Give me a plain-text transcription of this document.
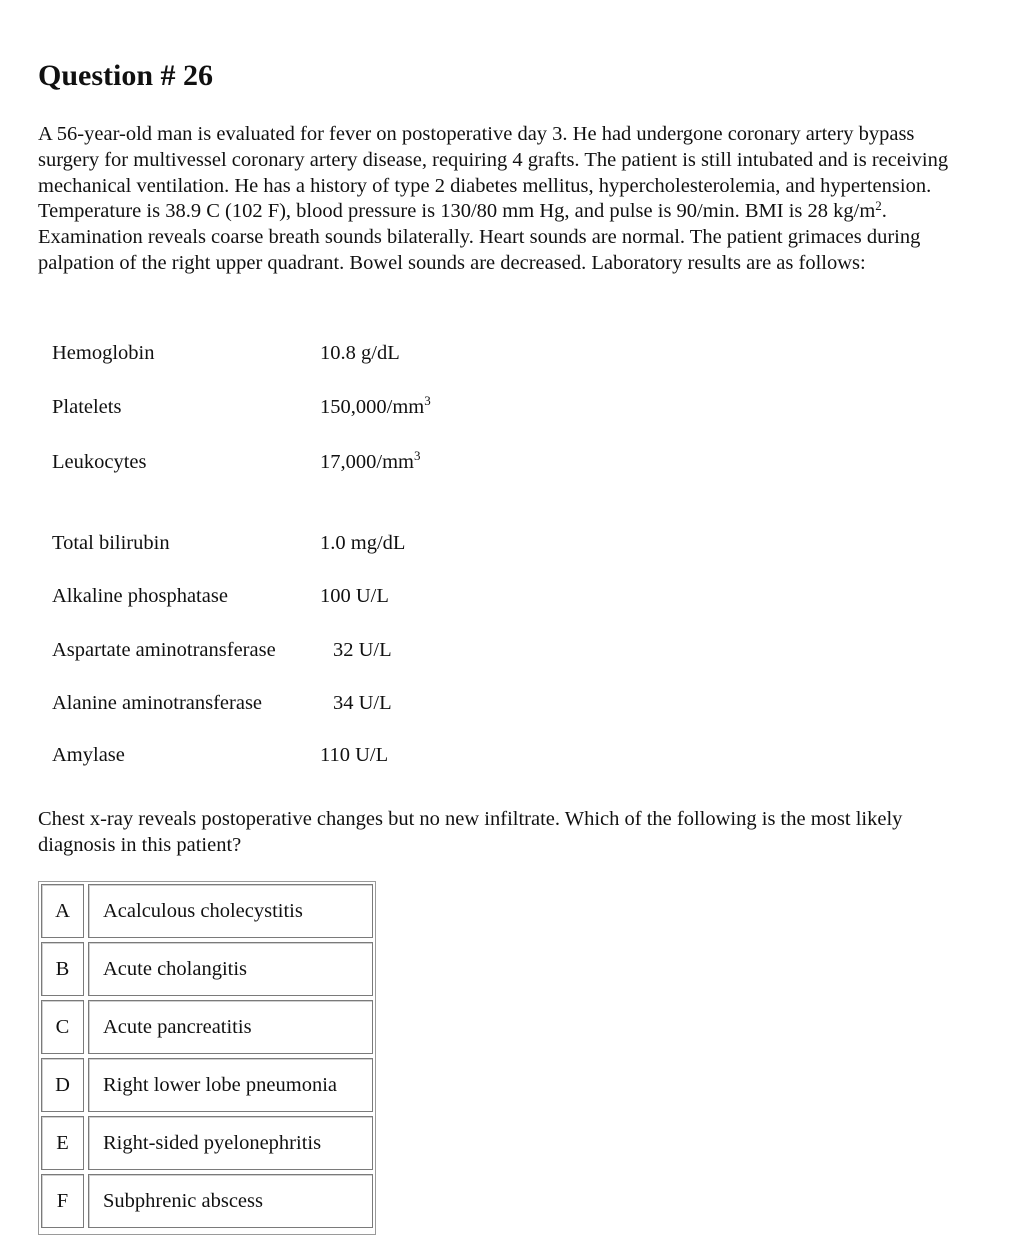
Question # 26

A 56-year-old man is evaluated for fever on postoperative day 3. He had undergone coronary artery bypass surgery for multivessel coronary artery disease, requiring 4 grafts. The patient is still intubated and is receiving mechanical ventilation. He has a history of type 2 diabetes mellitus, hypercholesterolemia, and hypertension. Temperature is 38.9 C (102 F), blood pressure is 130/80 mm Hg, and pulse is 90/min. BMI is 28 $kg/m^2$. Examination reveals coarse breath sounds bilaterally. Heart sounds are normal. The patient grimaces during palpation of the right upper quadrant. Bowel sounds are decreased. Laboratory results are as follows:

Hemoglobin	10.8 g/dL
Platelets	$150,000/mm^3$
Leukocytes	$17,000/mm^3$
Total bilirubin	1.0 mg/dL
Alkaline phosphatase	100 U/L
Aspartate aminotransferase	32 U/L
Alanine aminotransferase	34 U/L
Amylase	110 U/L

Chest x-ray reveals postoperative changes but no new infiltrate. Which of the following is the most likely diagnosis in this patient?

A	Acalculous cholecystitis
B	Acute cholangitis
C	Acute pancreatitis
D	Right lower lobe pneumonia
E	Right-sided pyelonephritis
F	Subphrenic abscess
